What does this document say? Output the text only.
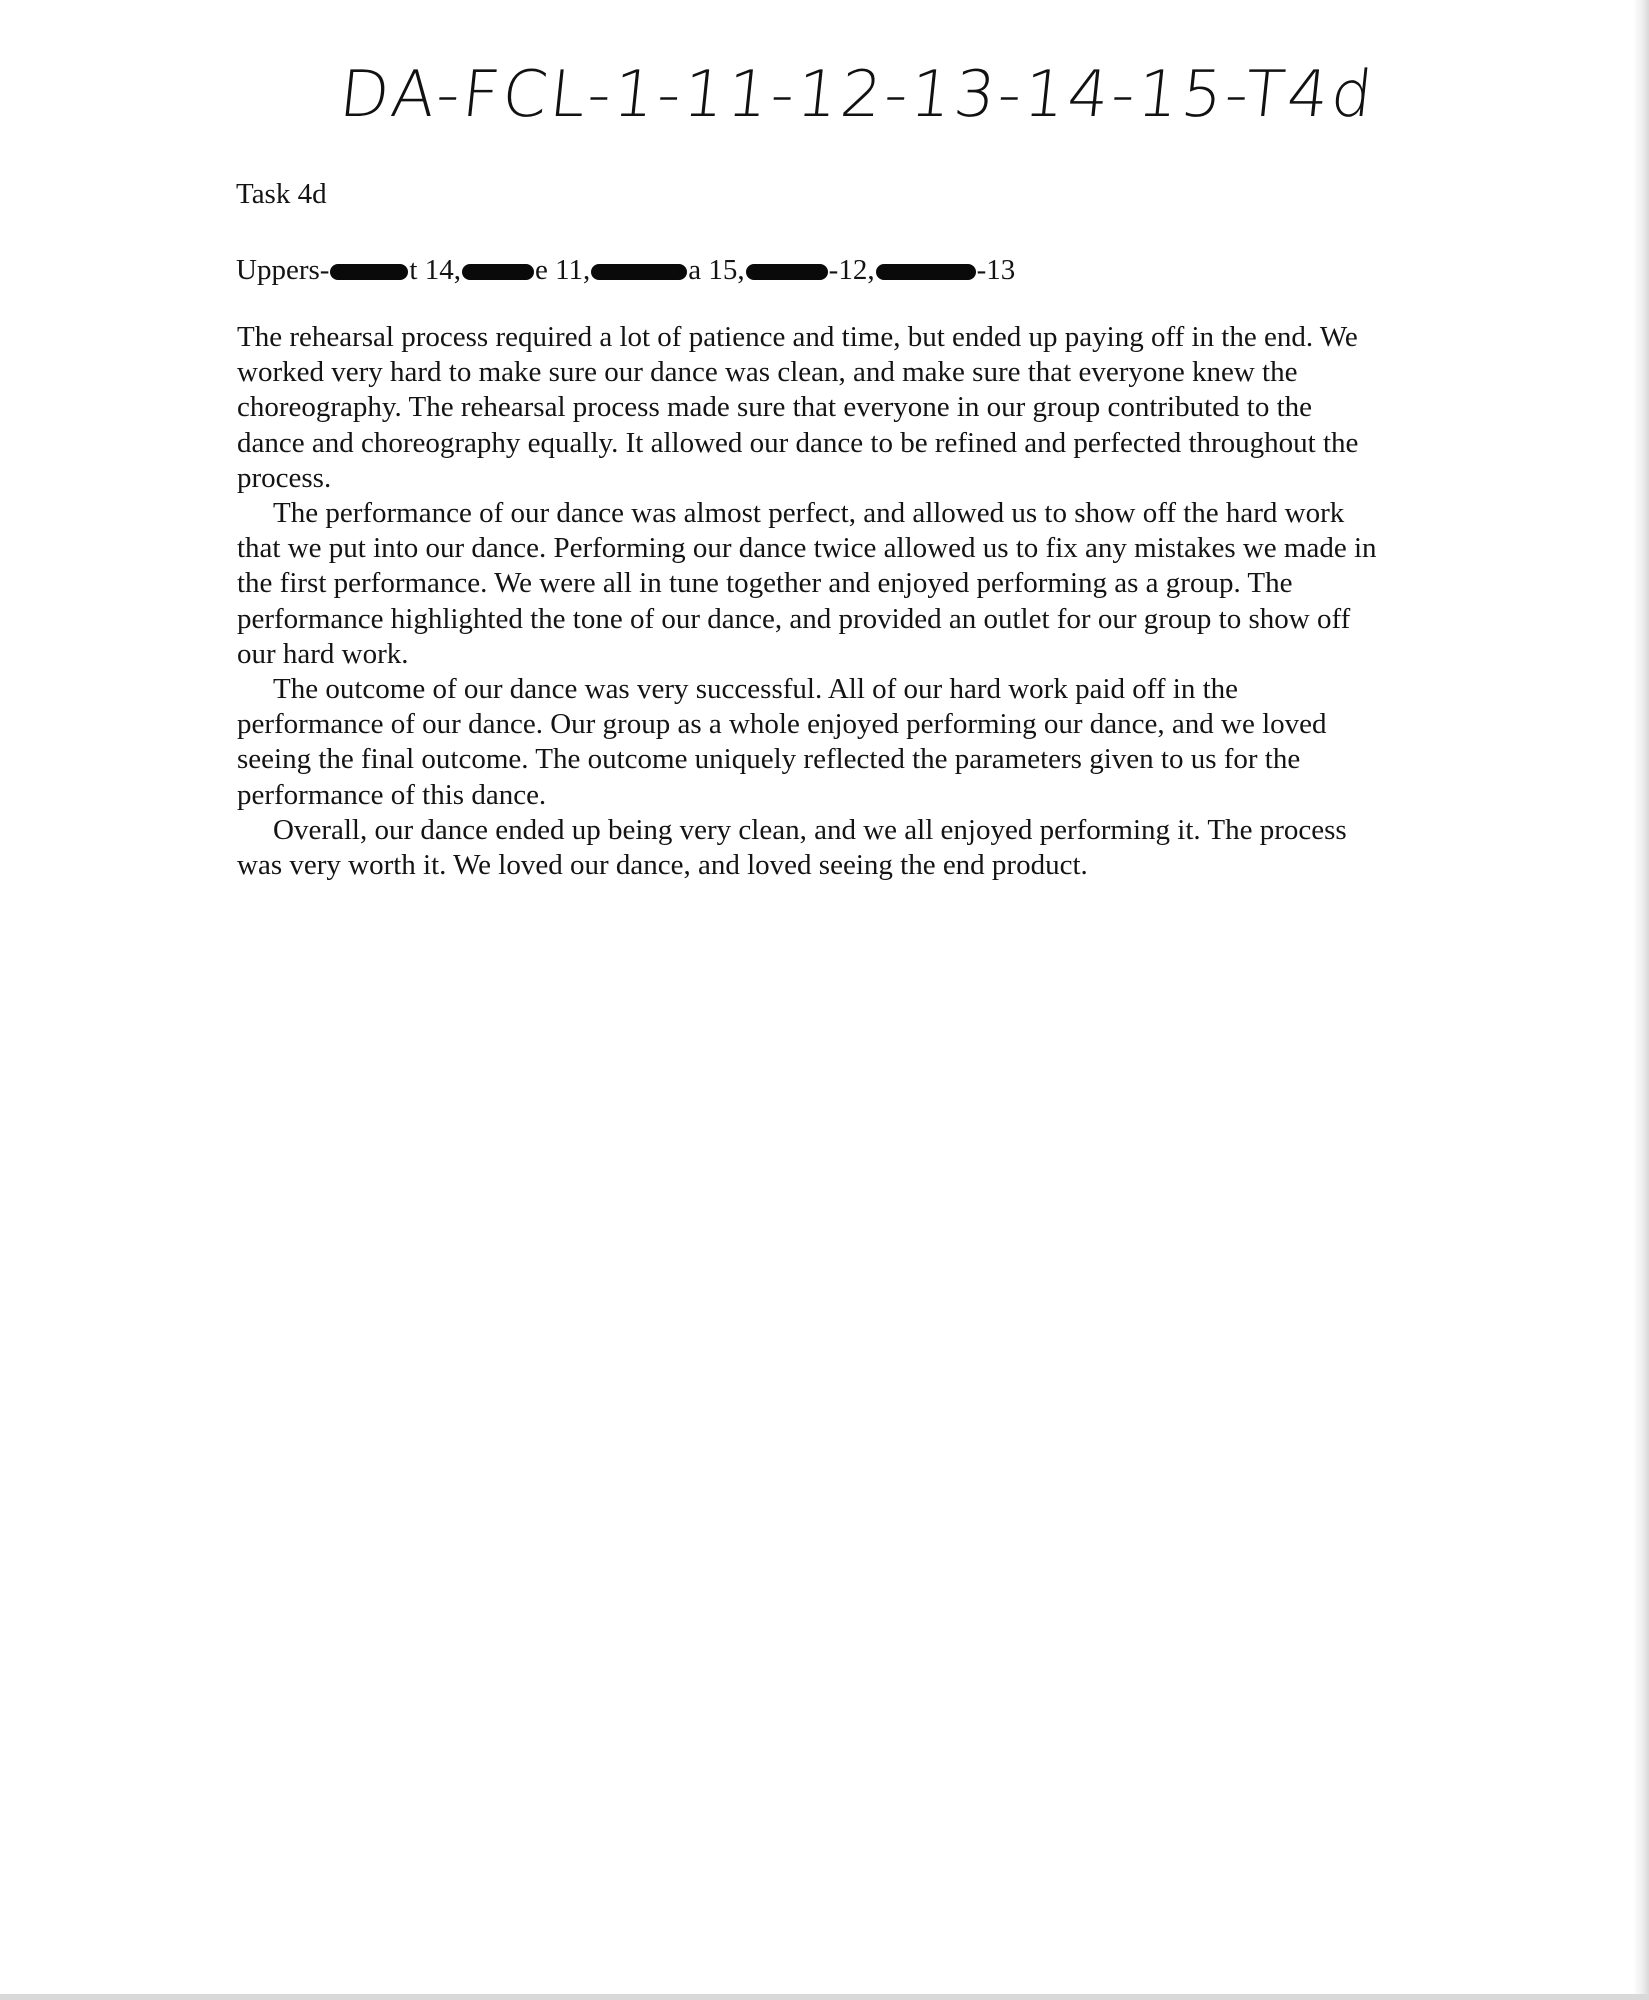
DA-FCL-1-11-12-13-14-15-T4d
Task 4d
Uppers-	t 14,	e 11,	a 15,	-12,	-13

The rehearsal process required a lot of patience and time, but ended up paying off in the end. We worked very hard to make sure our dance was clean, and make sure that everyone knew the choreography. The rehearsal process made sure that everyone in our group contributed to the dance and choreography equally. It allowed our dance to be refined and perfected throughout the process.

The performance of our dance was almost perfect, and allowed us to show off the hard work that we put into our dance. Performing our dance twice allowed us to fix any mistakes we made in the first performance. We were all in tune together and enjoyed performing as a group. The performance highlighted the tone of our dance, and provided an outlet for our group to show off our hard work.

The outcome of our dance was very successful. All of our hard work paid off in the performance of our dance. Our group as a whole enjoyed performing our dance, and we loved seeing the final outcome. The outcome uniquely reflected the parameters given to us for the performance of this dance.

Overall, our dance ended up being very clean, and we all enjoyed performing it. The process was very worth it. We loved our dance, and loved seeing the end product.
